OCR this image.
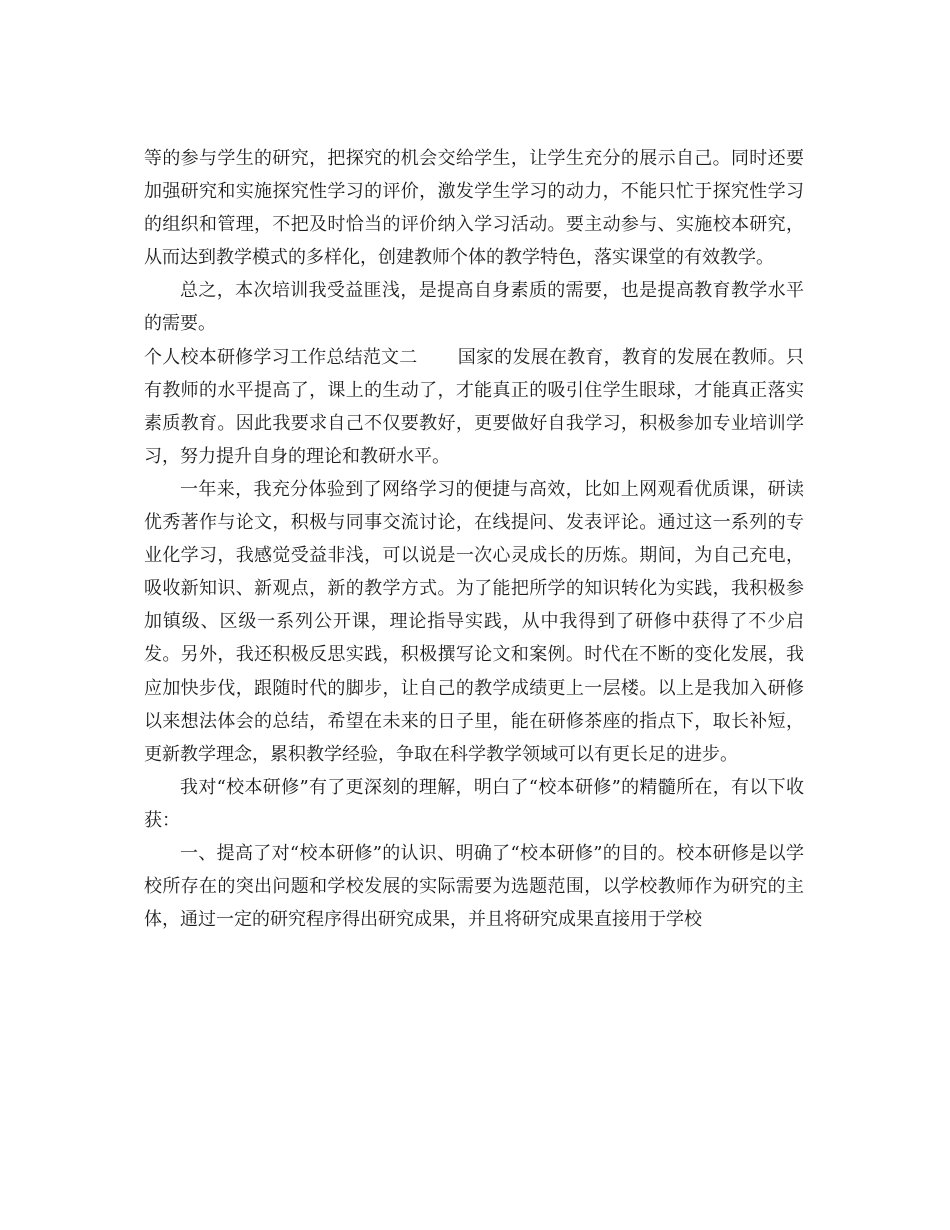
等的参与学生的研究，把探究的机会交给学生，让学生充分的展示自己。同时还要加强研究和实施探究性学习的评价，激发学生学习的动力，不能只忙于探究性学习的组织和管理，不把及时恰当的评价纳入学习活动。要主动参与、实施校本研究，从而达到教学模式的多样化，创建教师个体的教学特色，落实课堂的有效教学。

总之，本次培训我受益匪浅，是提高自身素质的需要，也是提高教育教学水平的需要。

个人校本研修学习工作总结范文二 国家的发展在教育，教育的发展在教师。只有教师的水平提高了，课上的生动了，才能真正的吸引住学生眼球，才能真正落实素质教育。因此我要求自己不仅要教好，更要做好自我学习，积极参加专业培训学习，努力提升自身的理论和教研水平。

一年来，我充分体验到了网络学习的便捷与高效，比如上网观看优质课，研读优秀著作与论文，积极与同事交流讨论，在线提问、发表评论。通过这一系列的专业化学习，我感觉受益非浅，可以说是一次心灵成长的历炼。期间，为自己充电，吸收新知识、新观点，新的教学方式。为了能把所学的知识转化为实践，我积极参加镇级、区级一系列公开课，理论指导实践，从中我得到了研修中获得了不少启发。另外，我还积极反思实践，积极撰写论文和案例。时代在不断的变化发展，我应加快步伐，跟随时代的脚步，让自己的教学成绩更上一层楼。以上是我加入研修以来想法体会的总结，希望在未来的日子里，能在研修茶座的指点下，取长补短，更新教学理念，累积教学经验，争取在科学教学领域可以有更长足的进步。

我对“校本研修”有了更深刻的理解，明白了“校本研修”的精髓所在，有以下收获：

一、提高了对“校本研修”的认识、明确了“校本研修”的目的。校本研修是以学校所存在的突出问题和学校发展的实际需要为选题范围，以学校教师作为研究的主体，通过一定的研究程序得出研究成果，并且将研究成果直接用于学校
